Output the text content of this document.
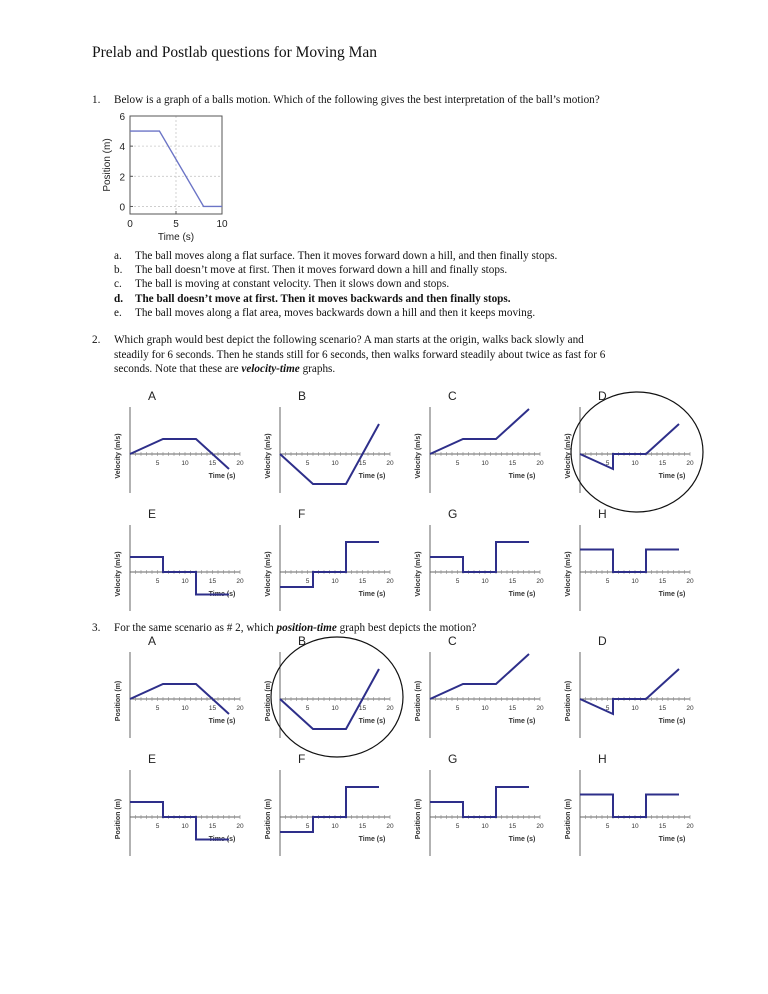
Prelab and Postlab questions for Moving Man
1. Below is a graph of a balls motion. Which of the following gives the best interpretation of the ball’s motion?
0
2
4
6
0	5	10
Time (s)
Position (m)
a. The ball moves along a flat surface. Then it moves forward down a hill, and then finally stops.
b. The ball doesn’t move at first. Then it moves forward down a hill and finally stops.
c. The ball is moving at constant velocity. Then it slows down and stops.
d. The ball doesn’t move at first. Then it moves backwards and then finally stops.
e. The ball moves along a flat area, moves backwards down a hill and then it keeps moving.
2. Which graph would best depict the following scenario? A man starts at the origin, walks back slowly and
steadily for 6 seconds. Then he stands still for 6 seconds, then walks forward steadily about twice as fast for 6
seconds. Note that these are velocity-time graphs.
A
5	10	15	20
Time (s)
Velocity (m/s)
B
5	10	15	20
Time (s)
Velocity (m/s)
C
5	10	15	20
Time (s)
Velocity (m/s)
D
5	10	15	20
Time (s)
Velocity (m/s)
E
5	10	15	20
Time (s)
Velocity (m/s)
F
5	10	15	20
Time (s)
Velocity (m/s)
G
5	10	15	20
Time (s)
Velocity (m/s)
H
5	10	15	20
Time (s)
Velocity (m/s)
3. For the same scenario as # 2, which position-time graph best depicts the motion?
A
5	10	15	20
Time (s)
Position (m)
B
5	10	15	20
Time (s)
Position (m)
C
5	10	15	20
Time (s)
Position (m)
D
5	10	15	20
Time (s)
Position (m)
E
5	10	15	20
Time (s)
Position (m)
F
5	10	15	20
Time (s)
Position (m)
G
5	10	15	20
Time (s)
Position (m)
H
5	10	15	20
Time (s)
Position (m)
